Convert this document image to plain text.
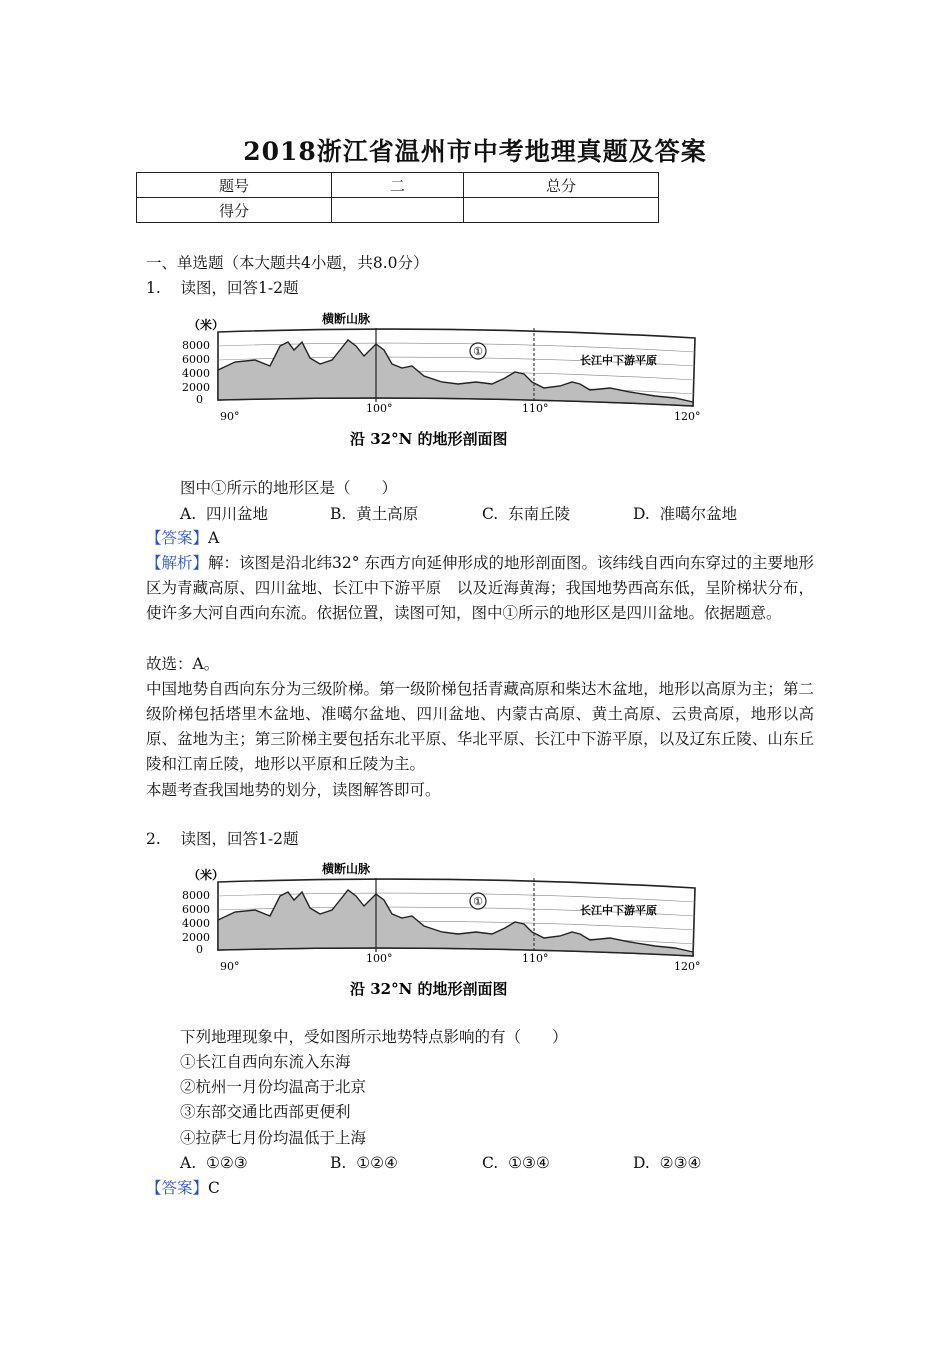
2018浙江省温州市中考地理真题及答案
题号	二	总分
得分		
一、单选题（本大题共4小题，共8.0分）
1. 读图，回答1-2题
（米）	横断山脉
8000
6000
4000
2000
0
①
长江中下游平原
90°
100°	110°
120°
沿 32°N 的地形剖面图
图中①所示的地形区是（　　）
A. 四川盆地	B. 黄土高原	C. 东南丘陵	D. 准噶尔盆地
【答案】A
【解析】解：该图是沿北纬32° 东西方向延伸形成的地形剖面图。该纬线自西向东穿过的主要地形区为青藏高原、四川盆地、长江中下游平原　以及近海黄海；我国地势西高东低，呈阶梯状分布，使许多大河自西向东流。依据位置，读图可知，图中①所示的地形区是四川盆地。依据题意。
故选：A。
中国地势自西向东分为三级阶梯。第一级阶梯包括青藏高原和柴达木盆地，地形以高原为主；第二级阶梯包括塔里木盆地、准噶尔盆地、四川盆地、内蒙古高原、黄土高原、云贵高原，地形以高原、盆地为主；第三阶梯主要包括东北平原、华北平原、长江中下游平原，以及辽东丘陵、山东丘陵和江南丘陵，地形以平原和丘陵为主。
本题考查我国地势的划分，读图解答即可。
2. 读图，回答1-2题
（米）	横断山脉
8000
6000
4000
2000
0
①
长江中下游平原
90°
100°	110°
120°
沿 32°N 的地形剖面图
下列地理现象中，受如图所示地势特点影响的有（　　）
①长江自西向东流入东海
②杭州一月份均温高于北京
③东部交通比西部更便利
④拉萨七月份均温低于上海
A. ①②③	B. ①②④	C. ①③④	D. ②③④
【答案】C
